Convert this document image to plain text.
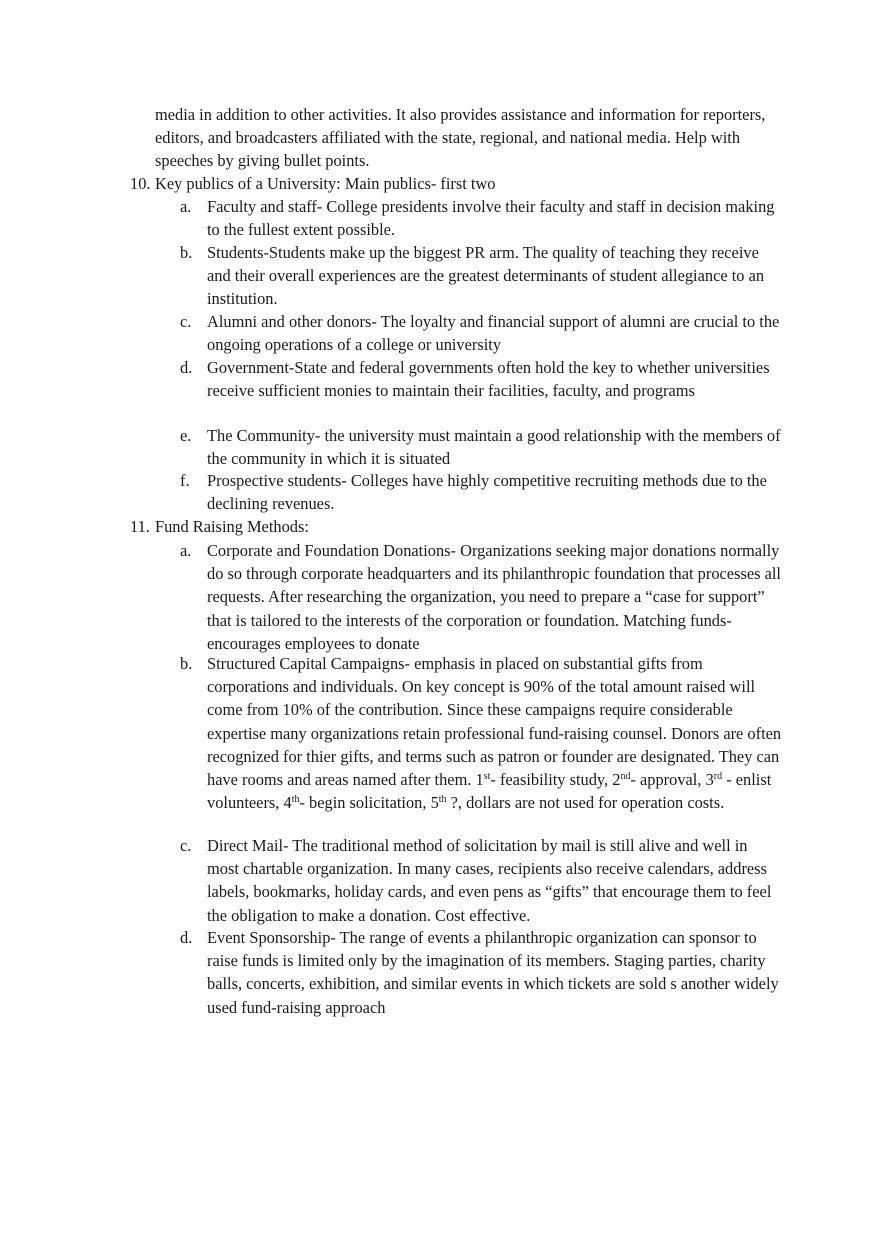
media in addition to other activities. It also provides assistance and information for reporters, editors, and broadcasters affiliated with the state, regional, and national media. Help with speeches by giving bullet points.

10. Key publics of a University: Main publics- first two
a. Faculty and staff- College presidents involve their faculty and staff in decision making to the fullest extent possible.

b. Students-Students make up the biggest PR arm. The quality of teaching they receive and their overall experiences are the greatest determinants of student allegiance to an institution.

c. Alumni and other donors- The loyalty and financial support of alumni are crucial to the ongoing operations of a college or university

d. Government-State and federal governments often hold the key to whether universities receive sufficient monies to maintain their facilities, faculty, and programs

e. The Community- the university must maintain a good relationship with the members of the community in which it is situated

f.	Prospective students- Colleges have highly competitive recruiting methods due to the declining revenues.

11. Fund Raising Methods:
a. Corporate and Foundation Donations- Organizations seeking major donations normally do so through corporate headquarters and its philanthropic foundation that processes all requests. After researching the organization, you need to prepare a “case for support” that is tailored to the interests of the corporation or foundation. Matching funds- encourages employees to donate

b. Structured Capital Campaigns- emphasis in placed on substantial gifts from corporations and individuals. On key concept is 90% of the total amount raised will come from 10% of the contribution. Since these campaigns require considerable expertise many organizations retain professional fund-raising counsel. Donors are often recognized for thier gifts, and terms such as patron or founder are designated. They can have rooms and areas named after them. 1st- feasibility study, 2nd- approval, 3rd - enlist volunteers, 4th- begin solicitation, 5th ?, dollars are not used for operation costs.

c. Direct Mail- The traditional method of solicitation by mail is still alive and well in most chartable organization. In many cases, recipients also receive calendars, address labels, bookmarks, holiday cards, and even pens as “gifts” that encourage them to feel the obligation to make a donation. Cost effective.

d. Event Sponsorship- The range of events a philanthropic organization can sponsor to raise funds is limited only by the imagination of its members. Staging parties, charity balls, concerts, exhibition, and similar events in which tickets are sold s another widely used fund-raising approach
